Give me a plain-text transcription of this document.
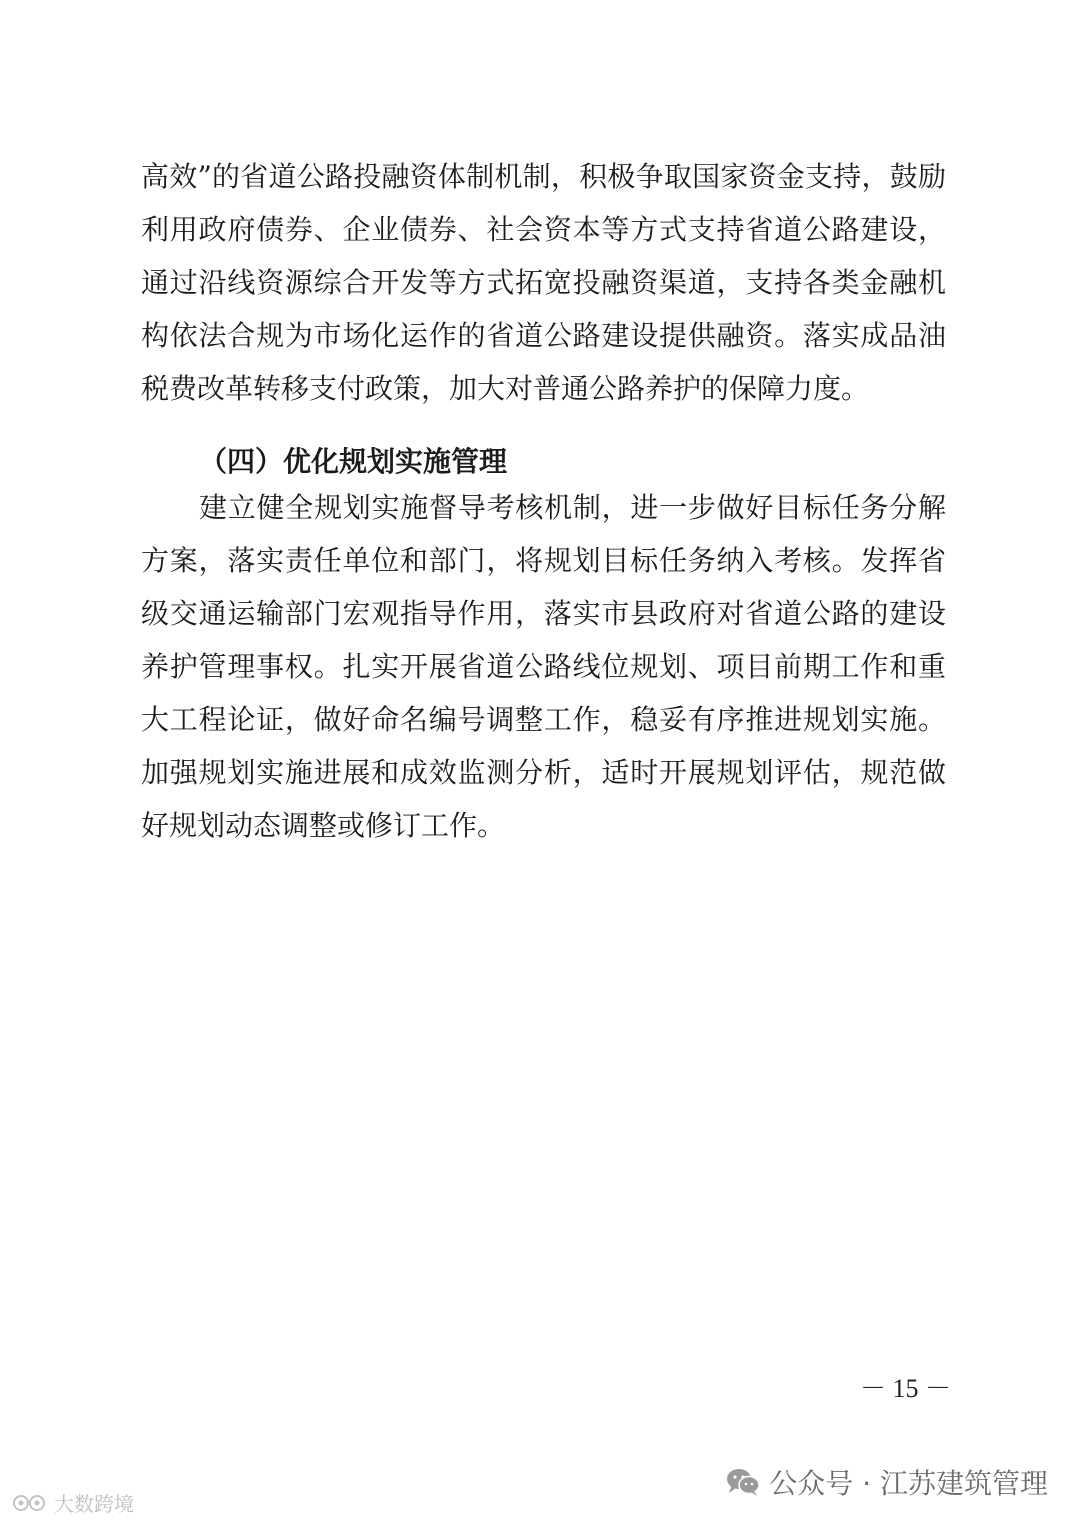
高效”的省道公路投融资体制机制，积极争取国家资金支持，鼓励
利用政府债券、企业债券、社会资本等方式支持省道公路建设，
通过沿线资源综合开发等方式拓宽投融资渠道，支持各类金融机
构依法合规为市场化运作的省道公路建设提供融资。落实成品油
税费改革转移支付政策，加大对普通公路养护的保障力度。
（四）优化规划实施管理
建立健全规划实施督导考核机制，进一步做好目标任务分解
方案，落实责任单位和部门，将规划目标任务纳入考核。发挥省
级交通运输部门宏观指导作用，落实市县政府对省道公路的建设
养护管理事权。扎实开展省道公路线位规划、项目前期工作和重
大工程论证，做好命名编号调整工作，稳妥有序推进规划实施。
加强规划实施进展和成效监测分析，适时开展规划评估，规范做
好规划动态调整或修订工作。
－ 15 －
公众号 · 江苏建筑管理
大数跨境
